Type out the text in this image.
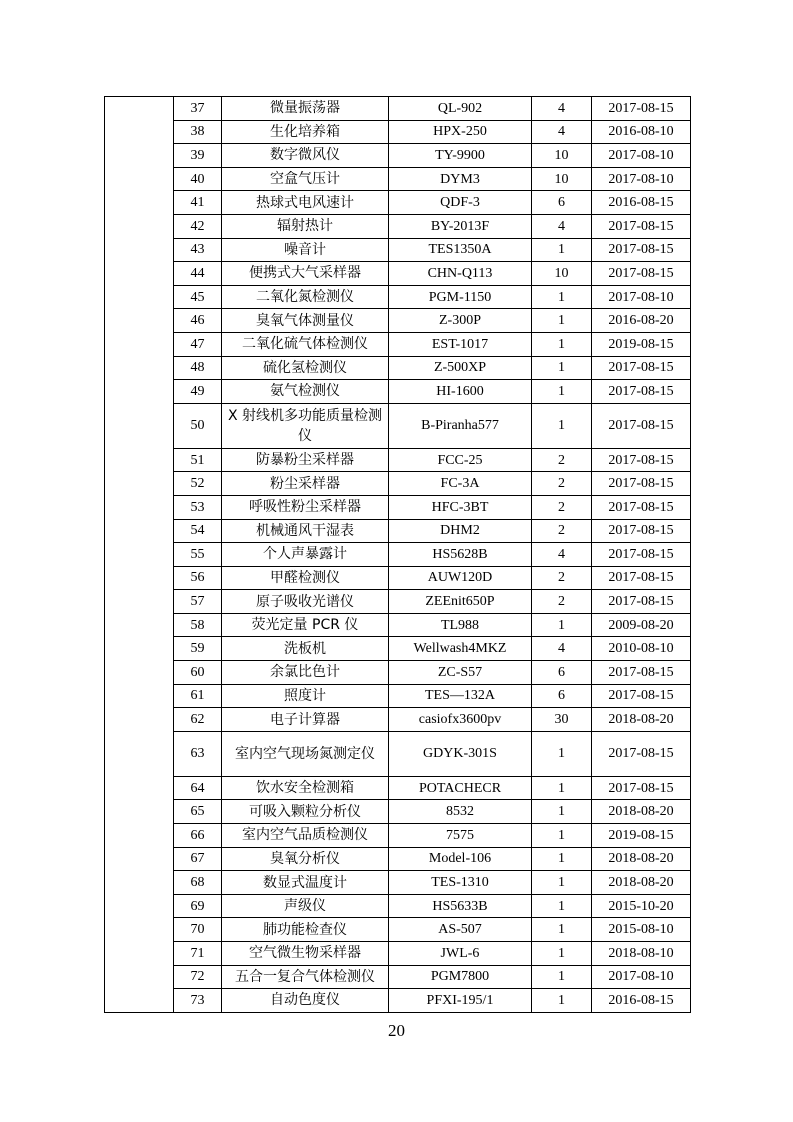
	37	微量振荡器	QL-902	4	2017-08-15
	38	生化培养箱	HPX-250	4	2016-08-10
	39	数字微风仪	TY-9900	10	2017-08-10
	40	空盒气压计	DYM3	10	2017-08-10
	41	热球式电风速计	QDF-3	6	2016-08-15
	42	辐射热计	BY-2013F	4	2017-08-15
	43	噪音计	TES1350A	1	2017-08-15
	44	便携式大气采样器	CHN-Q113	10	2017-08-15
	45	二氧化氮检测仪	PGM-1150	1	2017-08-10
	46	臭氧气体测量仪	Z-300P	1	2016-08-20
	47	二氧化硫气体检测仪	EST-1017	1	2019-08-15
	48	硫化氢检测仪	Z-500XP	1	2017-08-15
	49	氨气检测仪	HI-1600	1	2017-08-15
	50	X 射线机多功能质量检测仪	B-Piranha577	1	2017-08-15
	51	防暴粉尘采样器	FCC-25	2	2017-08-15
	52	粉尘采样器	FC-3A	2	2017-08-15
	53	呼吸性粉尘采样器	HFC-3BT	2	2017-08-15
	54	机械通风干湿表	DHM2	2	2017-08-15
	55	个人声暴露计	HS5628B	4	2017-08-15
	56	甲醛检测仪	AUW120D	2	2017-08-15
	57	原子吸收光谱仪	ZEEnit650P	2	2017-08-15
	58	荧光定量 PCR 仪	TL988	1	2009-08-20
	59	洗板机	Wellwash4MKZ	4	2010-08-10
	60	余氯比色计	ZC-S57	6	2017-08-15
	61	照度计	TES—132A	6	2017-08-15
	62	电子计算器	casiofx3600pv	30	2018-08-20
	63	室内空气现场氮测定仪	GDYK-301S	1	2017-08-15
	64	饮水安全检测箱	POTACHECR	1	2017-08-15
	65	可吸入颗粒分析仪	8532	1	2018-08-20
	66	室内空气品质检测仪	7575	1	2019-08-15
	67	臭氧分析仪	Model-106	1	2018-08-20
	68	数显式温度计	TES-1310	1	2018-08-20
	69	声级仪	HS5633B	1	2015-10-20
	70	肺功能检查仪	AS-507	1	2015-08-10
	71	空气微生物采样器	JWL-6	1	2018-08-10
	72	五合一复合气体检测仪	PGM7800	1	2017-08-10
	73	自动色度仪	PFXI-195/1	1	2016-08-15
20
